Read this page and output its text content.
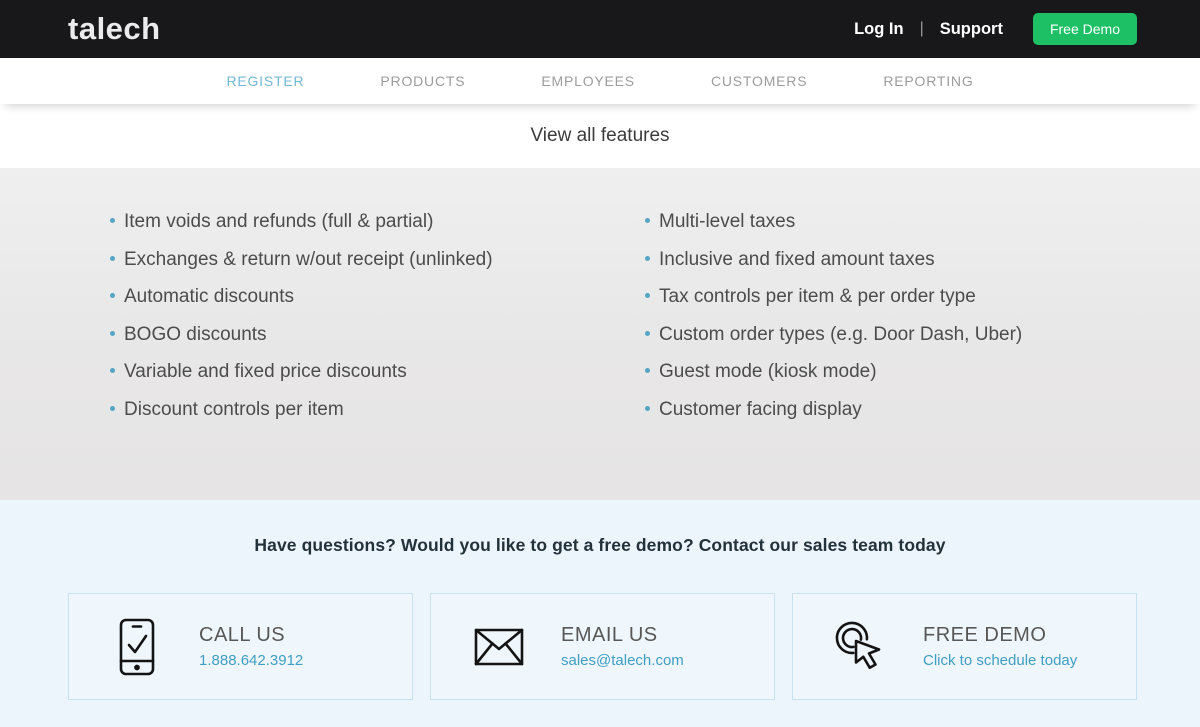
talech	Log In | Support	Free Demo
REGISTER	PRODUCTS	EMPLOYEES	CUSTOMERS	REPORTING
View all features
Item voids and refunds (full & partial)
Exchanges & return w/out receipt (unlinked)
Automatic discounts
BOGO discounts
Variable and fixed price discounts
Discount controls per item
Multi-level taxes
Inclusive and fixed amount taxes
Tax controls per item & per order type
Custom order types (e.g. Door Dash, Uber)
Guest mode (kiosk mode)
Customer facing display
Have questions? Would you like to get a free demo? Contact our sales team today
CALL US
1.888.642.3912
EMAIL US
sales@talech.com
FREE DEMO
Click to schedule today
